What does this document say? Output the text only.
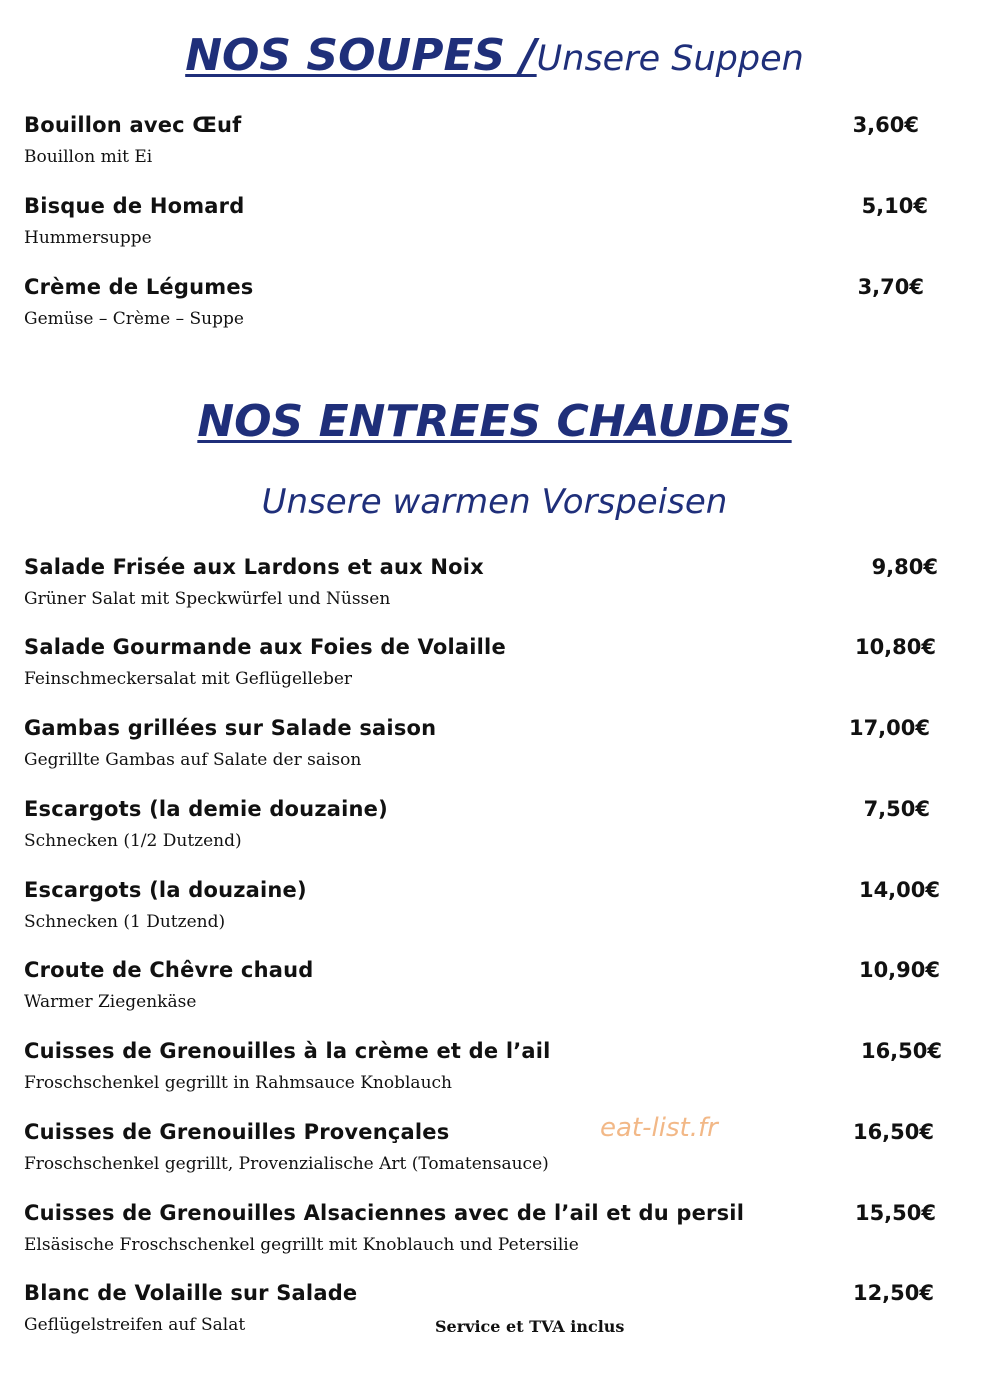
NOS SOUPES /Unsere Suppen
Bouillon avec Œuf
Bouillon mit Ei
3,60€
Bisque de Homard
Hummersuppe
5,10€
Crème de Légumes
Gemüse – Crème – Suppe
3,70€
NOS ENTREES CHAUDES
Unsere warmen Vorspeisen
Salade Frisée aux Lardons et aux Noix
Grüner Salat mit Speckwürfel und Nüssen
9,80€
Salade Gourmande aux Foies de Volaille
Feinschmeckersalat mit Geflügelleber
10,80€
Gambas grillées sur Salade saison
Gegrillte Gambas auf Salate der saison
17,00€
Escargots (la demie douzaine)
Schnecken (1/2 Dutzend)
7,50€
Escargots (la douzaine)
Schnecken (1 Dutzend)
14,00€
Croute de Chêvre chaud
Warmer Ziegenkäse
10,90€
Cuisses de Grenouilles à la crème et de l’ail
Froschschenkel gegrillt in Rahmsauce Knoblauch
16,50€
Cuisses de Grenouilles Provençales
Froschschenkel gegrillt, Provenzialische Art (Tomatensauce)
16,50€
Cuisses de Grenouilles Alsaciennes avec de l’ail et du persil
Elsäsische Froschschenkel gegrillt mit Knoblauch und Petersilie
15,50€
Blanc de Volaille sur Salade
Geflügelstreifen auf Salat
12,50€
eat-list.fr
Service et TVA inclus
